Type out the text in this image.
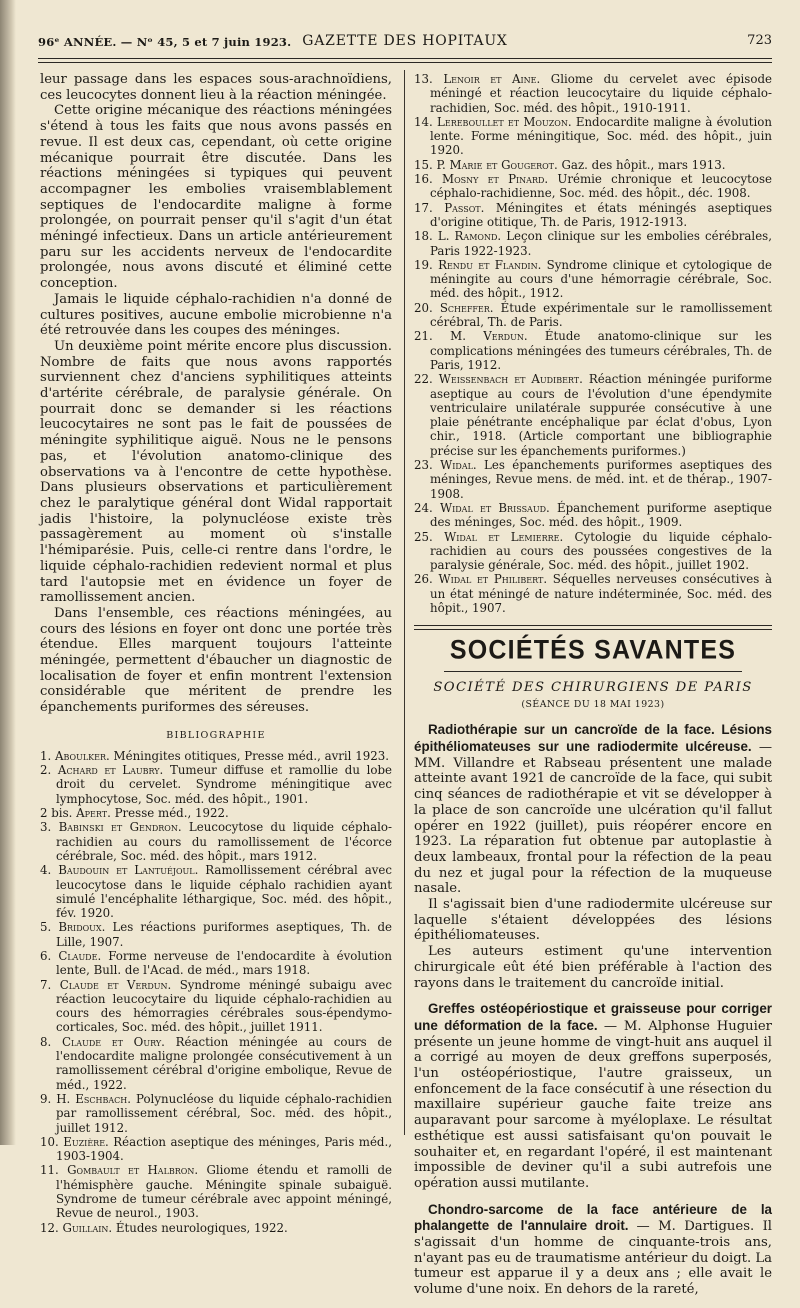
96ᵉ ANNÉE. — Nᵒ 45, 5 et 7 juin 1923. GAZETTE DES HOPITAUX	723

leur passage dans les espaces sous-arachnoïdiens, ces leucocytes donnent lieu à la réaction méningée.

Cette origine mécanique des réactions méningées s'étend à tous les faits que nous avons passés en revue. Il est deux cas, cependant, où cette origine mécanique pourrait être discutée. Dans les réactions méningées si typiques qui peuvent accompagner les embolies vraisemblablement septiques de l'endocardite maligne à forme prolongée, on pourrait penser qu'il s'agit d'un état méningé infectieux. Dans un article antérieurement paru sur les accidents nerveux de l'endocardite prolongée, nous avons discuté et éliminé cette conception.

Jamais le liquide céphalo-rachidien n'a donné de cultures positives, aucune embolie microbienne n'a été retrouvée dans les coupes des méninges.

Un deuxième point mérite encore plus discussion. Nombre de faits que nous avons rapportés surviennent chez d'anciens syphilitiques atteints d'artérite cérébrale, de paralysie générale. On pourrait donc se demander si les réactions leucocytaires ne sont pas le fait de poussées de méningite syphilitique aiguë. Nous ne le pensons pas, et l'évolution anatomo-clinique des observations va à l'encontre de cette hypothèse. Dans plusieurs observations et particulièrement chez le paralytique général dont Widal rapportait jadis l'histoire, la polynucléose existe très passagèrement au moment où s'installe l'hémiparésie. Puis, celle-ci rentre dans l'ordre, le liquide céphalo-rachidien redevient normal et plus tard l'autopsie met en évidence un foyer de ramollissement ancien.

Dans l'ensemble, ces réactions méningées, au cours des lésions en foyer ont donc une portée très étendue. Elles marquent toujours l'atteinte méningée, permettent d'ébaucher un diagnostic de localisation de foyer et enfin montrent l'extension considérable que méritent de prendre les épanchements puriformes des séreuses.

BIBLIOGRAPHIE
1. Aboulker. Méningites otitiques, Presse méd., avril 1923.
2. Achard et Laubry. Tumeur diffuse et ramollie du lobe droit du cervelet. Syndrome méningitique avec lymphocytose, Soc. méd. des hôpit., 1901.
2 bis. Apert. Presse méd., 1922.
3. Babinski et Gendron. Leucocytose du liquide céphalo-rachidien au cours du ramollissement de l'écorce cérébrale, Soc. méd. des hôpit., mars 1912.
4. Baudouin et Lantuéjoul. Ramollissement cérébral avec leucocytose dans le liquide céphalo rachidien ayant simulé l'encéphalite léthargique, Soc. méd. des hôpit., fév. 1920.
5. Bridoux. Les réactions puriformes aseptiques, Th. de Lille, 1907.
6. Claude. Forme nerveuse de l'endocardite à évolution lente, Bull. de l'Acad. de méd., mars 1918.
7. Claude et Verdun. Syndrome méningé subaigu avec réaction leucocytaire du liquide céphalo-rachidien au cours des hémorragies cérébrales sous-épendymo-corticales, Soc. méd. des hôpit., juillet 1911.
8. Claude et Oury. Réaction méningée au cours de l'endocardite maligne prolongée consécutivement à un ramollissement cérébral d'origine embolique, Revue de méd., 1922.
9. H. Eschbach. Polynucléose du liquide céphalo-rachidien par ramollissement cérébral, Soc. méd. des hôpit., juillet 1912.
10. Euzière. Réaction aseptique des méninges, Paris méd., 1903-1904.
11. Gombault et Halbron. Gliome étendu et ramolli de l'hémisphère gauche. Méningite spinale subaiguë. Syndrome de tumeur cérébrale avec appoint méningé, Revue de neurol., 1903.
12. Guillain. Études neurologiques, 1922.
13. Lenoir et Aine. Gliome du cervelet avec épisode méningé et réaction leucocytaire du liquide céphalo-rachidien, Soc. méd. des hôpit., 1910-1911.
14. Lereboullet et Mouzon. Endocardite maligne à évolution lente. Forme méningitique, Soc. méd. des hôpit., juin 1920.
15. P. Marie et Gougerot. Gaz. des hôpit., mars 1913.
16. Mosny et Pinard. Urémie chronique et leucocytose céphalo-rachidienne, Soc. méd. des hôpit., déc. 1908.
17. Passot. Méningites et états méningés aseptiques d'origine otitique, Th. de Paris, 1912-1913.
18. L. Ramond. Leçon clinique sur les embolies cérébrales, Paris 1922-1923.
19. Rendu et Flandin. Syndrome clinique et cytologique de méningite au cours d'une hémorragie cérébrale, Soc. méd. des hôpit., 1912.
20. Scheffer. Étude expérimentale sur le ramollissement cérébral, Th. de Paris.
21. M. Verdun. Étude anatomo-clinique sur les complications méningées des tumeurs cérébrales, Th. de Paris, 1912.
22. Weissenbach et Audibert. Réaction méningée puriforme aseptique au cours de l'évolution d'une épendymite ventriculaire unilatérale suppurée consécutive à une plaie pénétrante encéphalique par éclat d'obus, Lyon chir., 1918. (Article comportant une bibliographie précise sur les épanchements puriformes.)
23. Widal. Les épanchements puriformes aseptiques des méninges, Revue mens. de méd. int. et de thérap., 1907-1908.
24. Widal et Brissaud. Épanchement puriforme aseptique des méninges, Soc. méd. des hôpit., 1909.
25. Widal et Lemierre. Cytologie du liquide céphalo-rachidien au cours des poussées congestives de la paralysie générale, Soc. méd. des hôpit., juillet 1902.
26. Widal et Philibert. Séquelles nerveuses consécutives à un état méningé de nature indéterminée, Soc. méd. des hôpit., 1907.
SOCIÉTÉS SAVANTES
SOCIÉTÉ DES CHIRURGIENS DE PARIS
(SÉANCE DU 18 MAI 1923)

Radiothérapie sur un cancroïde de la face. Lésions épithéliomateuses sur une radiodermite ulcéreuse. — MM. Villandre et Rabseau présentent une malade atteinte avant 1921 de cancroïde de la face, qui subit cinq séances de radiothérapie et vit se développer à la place de son cancroïde une ulcération qu'il fallut opérer en 1922 (juillet), puis réopérer encore en 1923. La réparation fut obtenue par autoplastie à deux lambeaux, frontal pour la réfection de la peau du nez et jugal pour la réfection de la muqueuse nasale.

Il s'agissait bien d'une radiodermite ulcéreuse sur laquelle s'étaient développées des lésions épithéliomateuses.

Les auteurs estiment qu'une intervention chirurgicale eût été bien préférable à l'action des rayons dans le traitement du cancroïde initial.

Greffes ostéopériostique et graisseuse pour corriger une déformation de la face. — M. Alphonse Huguier présente un jeune homme de vingt-huit ans auquel il a corrigé au moyen de deux greffons superposés, l'un ostéopériostique, l'autre graisseux, un enfoncement de la face consécutif à une résection du maxillaire supérieur gauche faite treize ans auparavant pour sarcome à myéloplaxe. Le résultat esthétique est aussi satisfaisant qu'on pouvait le souhaiter et, en regardant l'opéré, il est maintenant impossible de deviner qu'il a subi autrefois une opération aussi mutilante.

Chondro-sarcome de la face antérieure de la phalangette de l'annulaire droit. — M. Dartigues. Il s'agissait d'un homme de cinquante-trois ans, n'ayant pas eu de traumatisme antérieur du doigt. La tumeur est apparue il y a deux ans ; elle avait le volume d'une noix. En dehors de la rareté,
